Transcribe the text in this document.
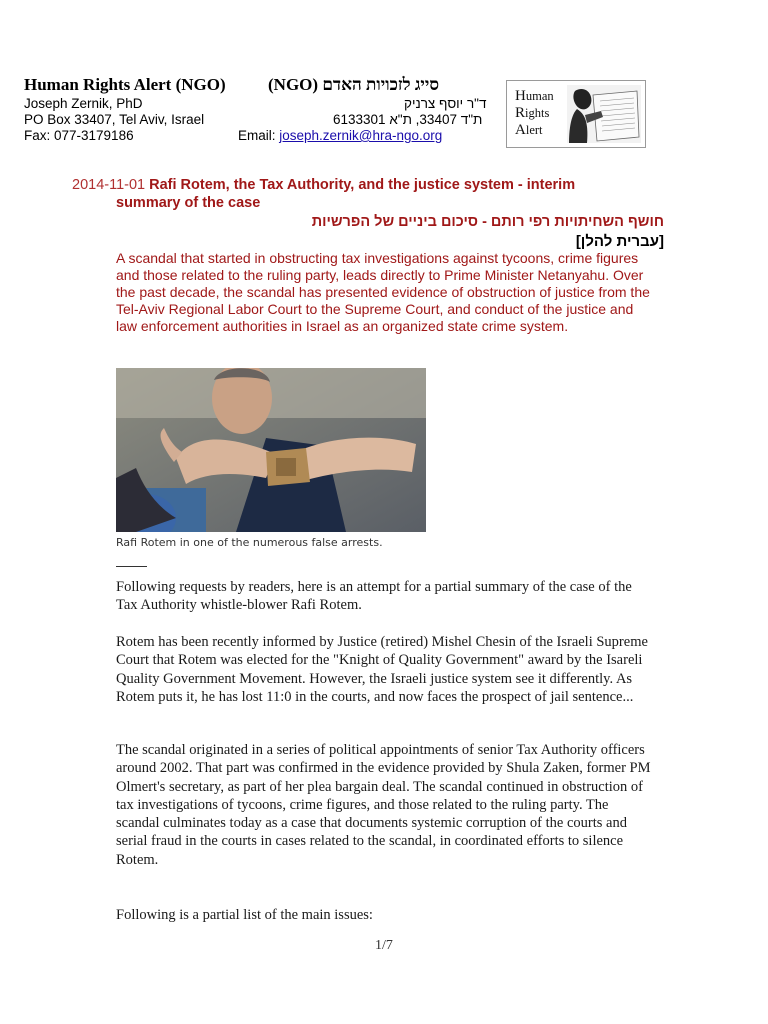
Human Rights Alert (NGO) סייג לזכויות האדם (NGO)
Joseph Zernik, PhD	ד"ר יוסף צרניק
PO Box 33407, Tel Aviv, Israel	ת"ד 33407, ת"א 6133301
Fax: 077-3179186	Email: joseph.zernik@hra-ngo.org
Human
Rights
Alert
2014-11-01 Rafi Rotem, the Tax Authority, and the justice system - interim
summary of the case
חושף השחיתויות רפי רותם - סיכום ביניים של הפרשיות
[עברית להלן]
A scandal that started in obstructing tax investigations against tycoons, crime figures and those related to the ruling party, leads directly to Prime Minister Netanyahu. Over the past decade, the scandal has presented evidence of obstruction of justice from the Tel-Aviv Regional Labor Court to the Supreme Court, and conduct of the justice and law enforcement authorities in Israel as an organized state crime system.
Rafi Rotem in one of the numerous false arrests.
Following requests by readers, here is an attempt for a partial summary of the case of the Tax Authority whistle-blower Rafi Rotem.
Rotem has been recently informed by Justice (retired) Mishel Chesin of the Israeli Supreme Court that Rotem was elected for the "Knight of Quality Government" award by the Isareli Quality Government Movement. However, the Israeli justice system see it differently. As Rotem puts it, he has lost 11:0 in the courts, and now faces the prospect of jail sentence...
The scandal originated in a series of political appointments of senior Tax Authority officers around 2002. That part was confirmed in the evidence provided by Shula Zaken, former PM Olmert's secretary, as part of her plea bargain deal. The scandal continued in obstruction of tax investigations of tycoons, crime figures, and those related to the ruling party. The scandal culminates today as a case that documents systemic corruption of the courts and serial fraud in the courts in cases related to the scandal, in coordinated efforts to silence Rotem.
Following is a partial list of the main issues:
1/7
